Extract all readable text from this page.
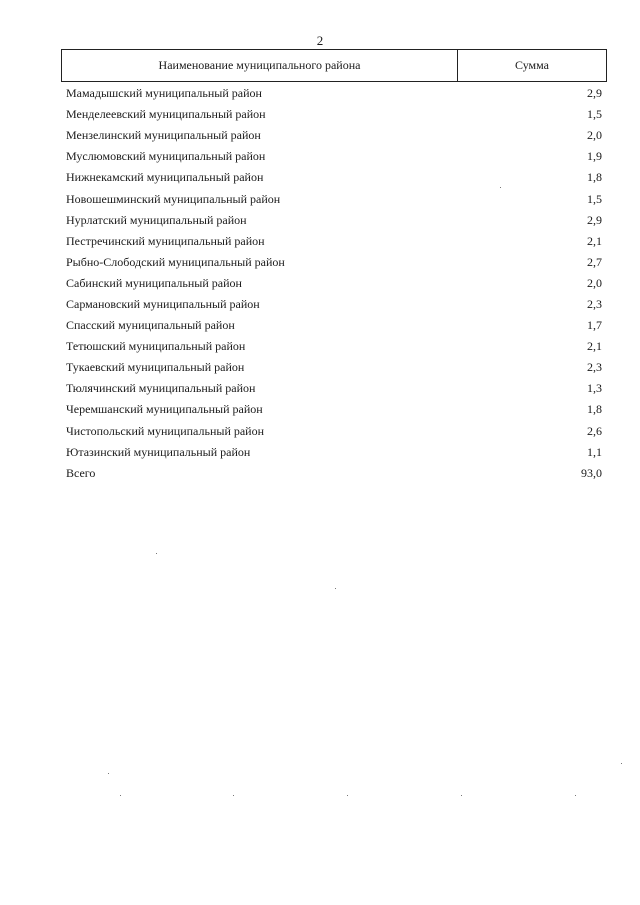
2
Наименование муниципального района	Сумма
Мамадышский муниципальный район	2,9
Менделеевский муниципальный район	1,5
Мензелинский муниципальный район	2,0
Муслюмовский муниципальный район	1,9
Нижнекамский муниципальный район	1,8
Новошешминский муниципальный район	1,5
Нурлатский муниципальный район	2,9
Пестречинский муниципальный район	2,1
Рыбно-Слободский муниципальный район	2,7
Сабинский муниципальный район	2,0
Сармановский муниципальный район	2,3
Спасский муниципальный район	1,7
Тетюшский муниципальный район	2,1
Тукаевский муниципальный район	2,3
Тюлячинский муниципальный район	1,3
Черемшанский муниципальный район	1,8
Чистопольский муниципальный район	2,6
Ютазинский муниципальный район	1,1
Всего	93,0
